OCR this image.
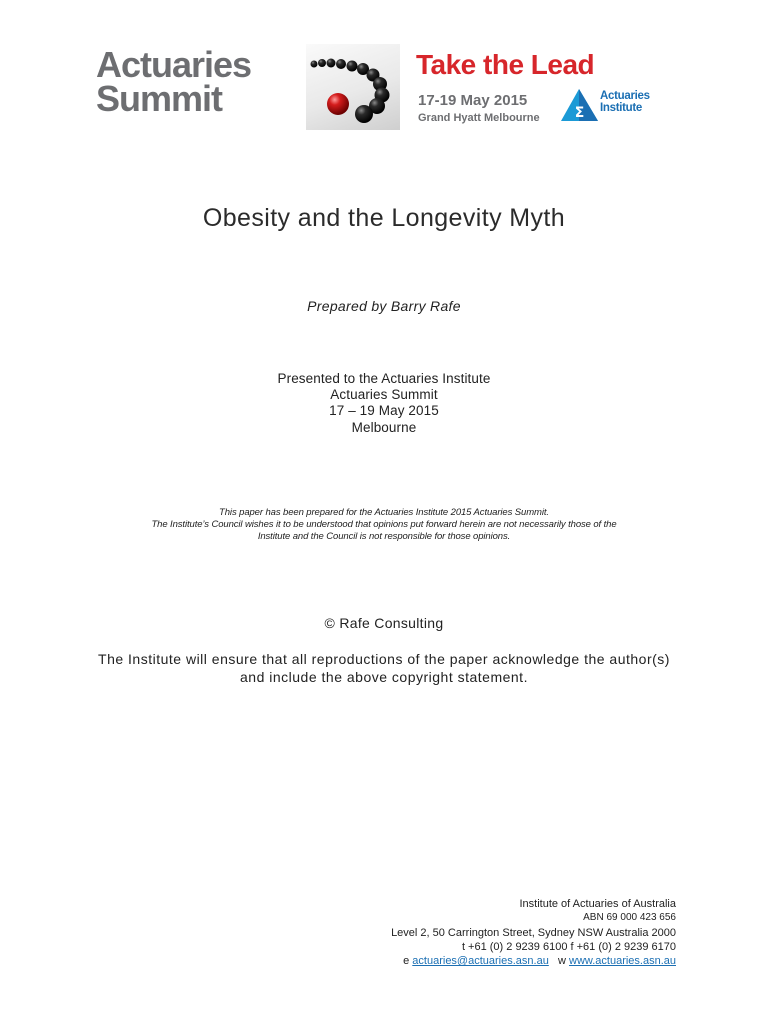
Actuaries
Summit
Take the Lead
17-19 May 2015
Grand Hyatt Melbourne	Σ
Actuaries
Institute
Obesity and the Longevity Myth
Prepared by Barry Rafe
Presented to the Actuaries Institute
Actuaries Summit
17 – 19 May 2015
Melbourne
This paper has been prepared for the Actuaries Institute 2015 Actuaries Summit.
The Institute’s Council wishes it to be understood that opinions put forward herein are not necessarily those of the
Institute and the Council is not responsible for those opinions.
© Rafe Consulting
The Institute will ensure that all reproductions of the paper acknowledge the author(s) and include the above copyright statement.
Institute of Actuaries of Australia
ABN 69 000 423 656
Level 2, 50 Carrington Street, Sydney NSW Australia 2000
t +61 (0) 2 9239 6100 f +61 (0) 2 9239 6170
e actuaries@actuaries.asn.au w www.actuaries.asn.au
